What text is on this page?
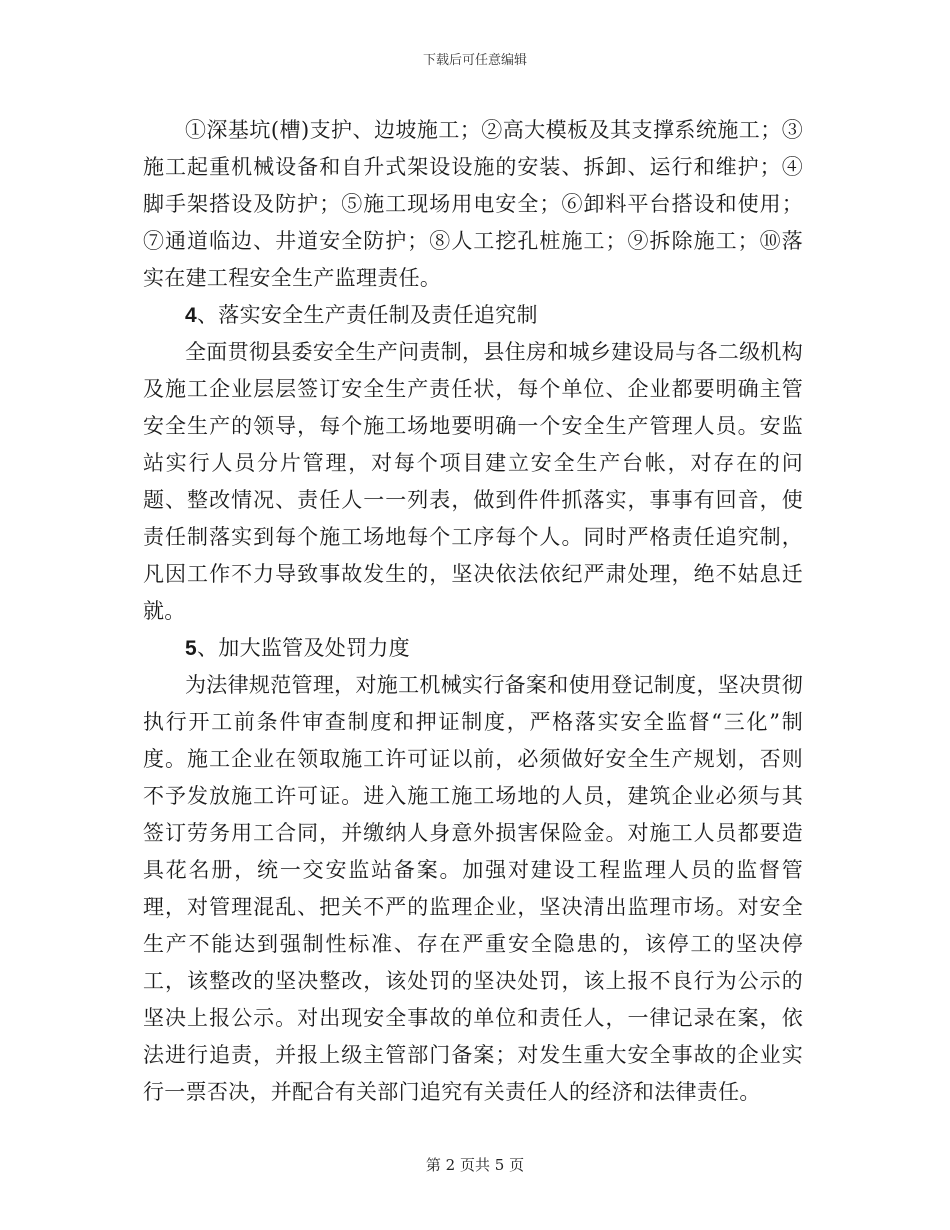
下载后可任意编辑

①深基坑(槽)支护、边坡施工；②高大模板及其支撑系统施工；③施工起重机械设备和自升式架设设施的安装、拆卸、运行和维护；④脚手架搭设及防护；⑤施工现场用电安全；⑥卸料平台搭设和使用；⑦通道临边、井道安全防护；⑧人工挖孔桩施工；⑨拆除施工；⑩落实在建工程安全生产监理责任。

4、落实安全生产责任制及责任追究制

全面贯彻县委安全生产问责制，县住房和城乡建设局与各二级机构及施工企业层层签订安全生产责任状，每个单位、企业都要明确主管安全生产的领导，每个施工场地要明确一个安全生产管理人员。安监站实行人员分片管理，对每个项目建立安全生产台帐，对存在的问题、整改情况、责任人一一列表，做到件件抓落实，事事有回音，使责任制落实到每个施工场地每个工序每个人。同时严格责任追究制，凡因工作不力导致事故发生的，坚决依法依纪严肃处理，绝不姑息迁就。

5、加大监管及处罚力度

为法律规范管理，对施工机械实行备案和使用登记制度，坚决贯彻执行开工前条件审查制度和押证制度，严格落实安全监督“三化”制度。施工企业在领取施工许可证以前，必须做好安全生产规划，否则不予发放施工许可证。进入施工施工场地的人员，建筑企业必须与其签订劳务用工合同，并缴纳人身意外损害保险金。对施工人员都要造具花名册，统一交安监站备案。加强对建设工程监理人员的监督管理，对管理混乱、把关不严的监理企业，坚决清出监理市场。对安全生产不能达到强制性标准、存在严重安全隐患的，该停工的坚决停工，该整改的坚决整改，该处罚的坚决处罚，该上报不良行为公示的坚决上报公示。对出现安全事故的单位和责任人，一律记录在案，依法进行追责，并报上级主管部门备案；对发生重大安全事故的企业实行一票否决，并配合有关部门追究有关责任人的经济和法律责任。

第 2 页共 5 页
